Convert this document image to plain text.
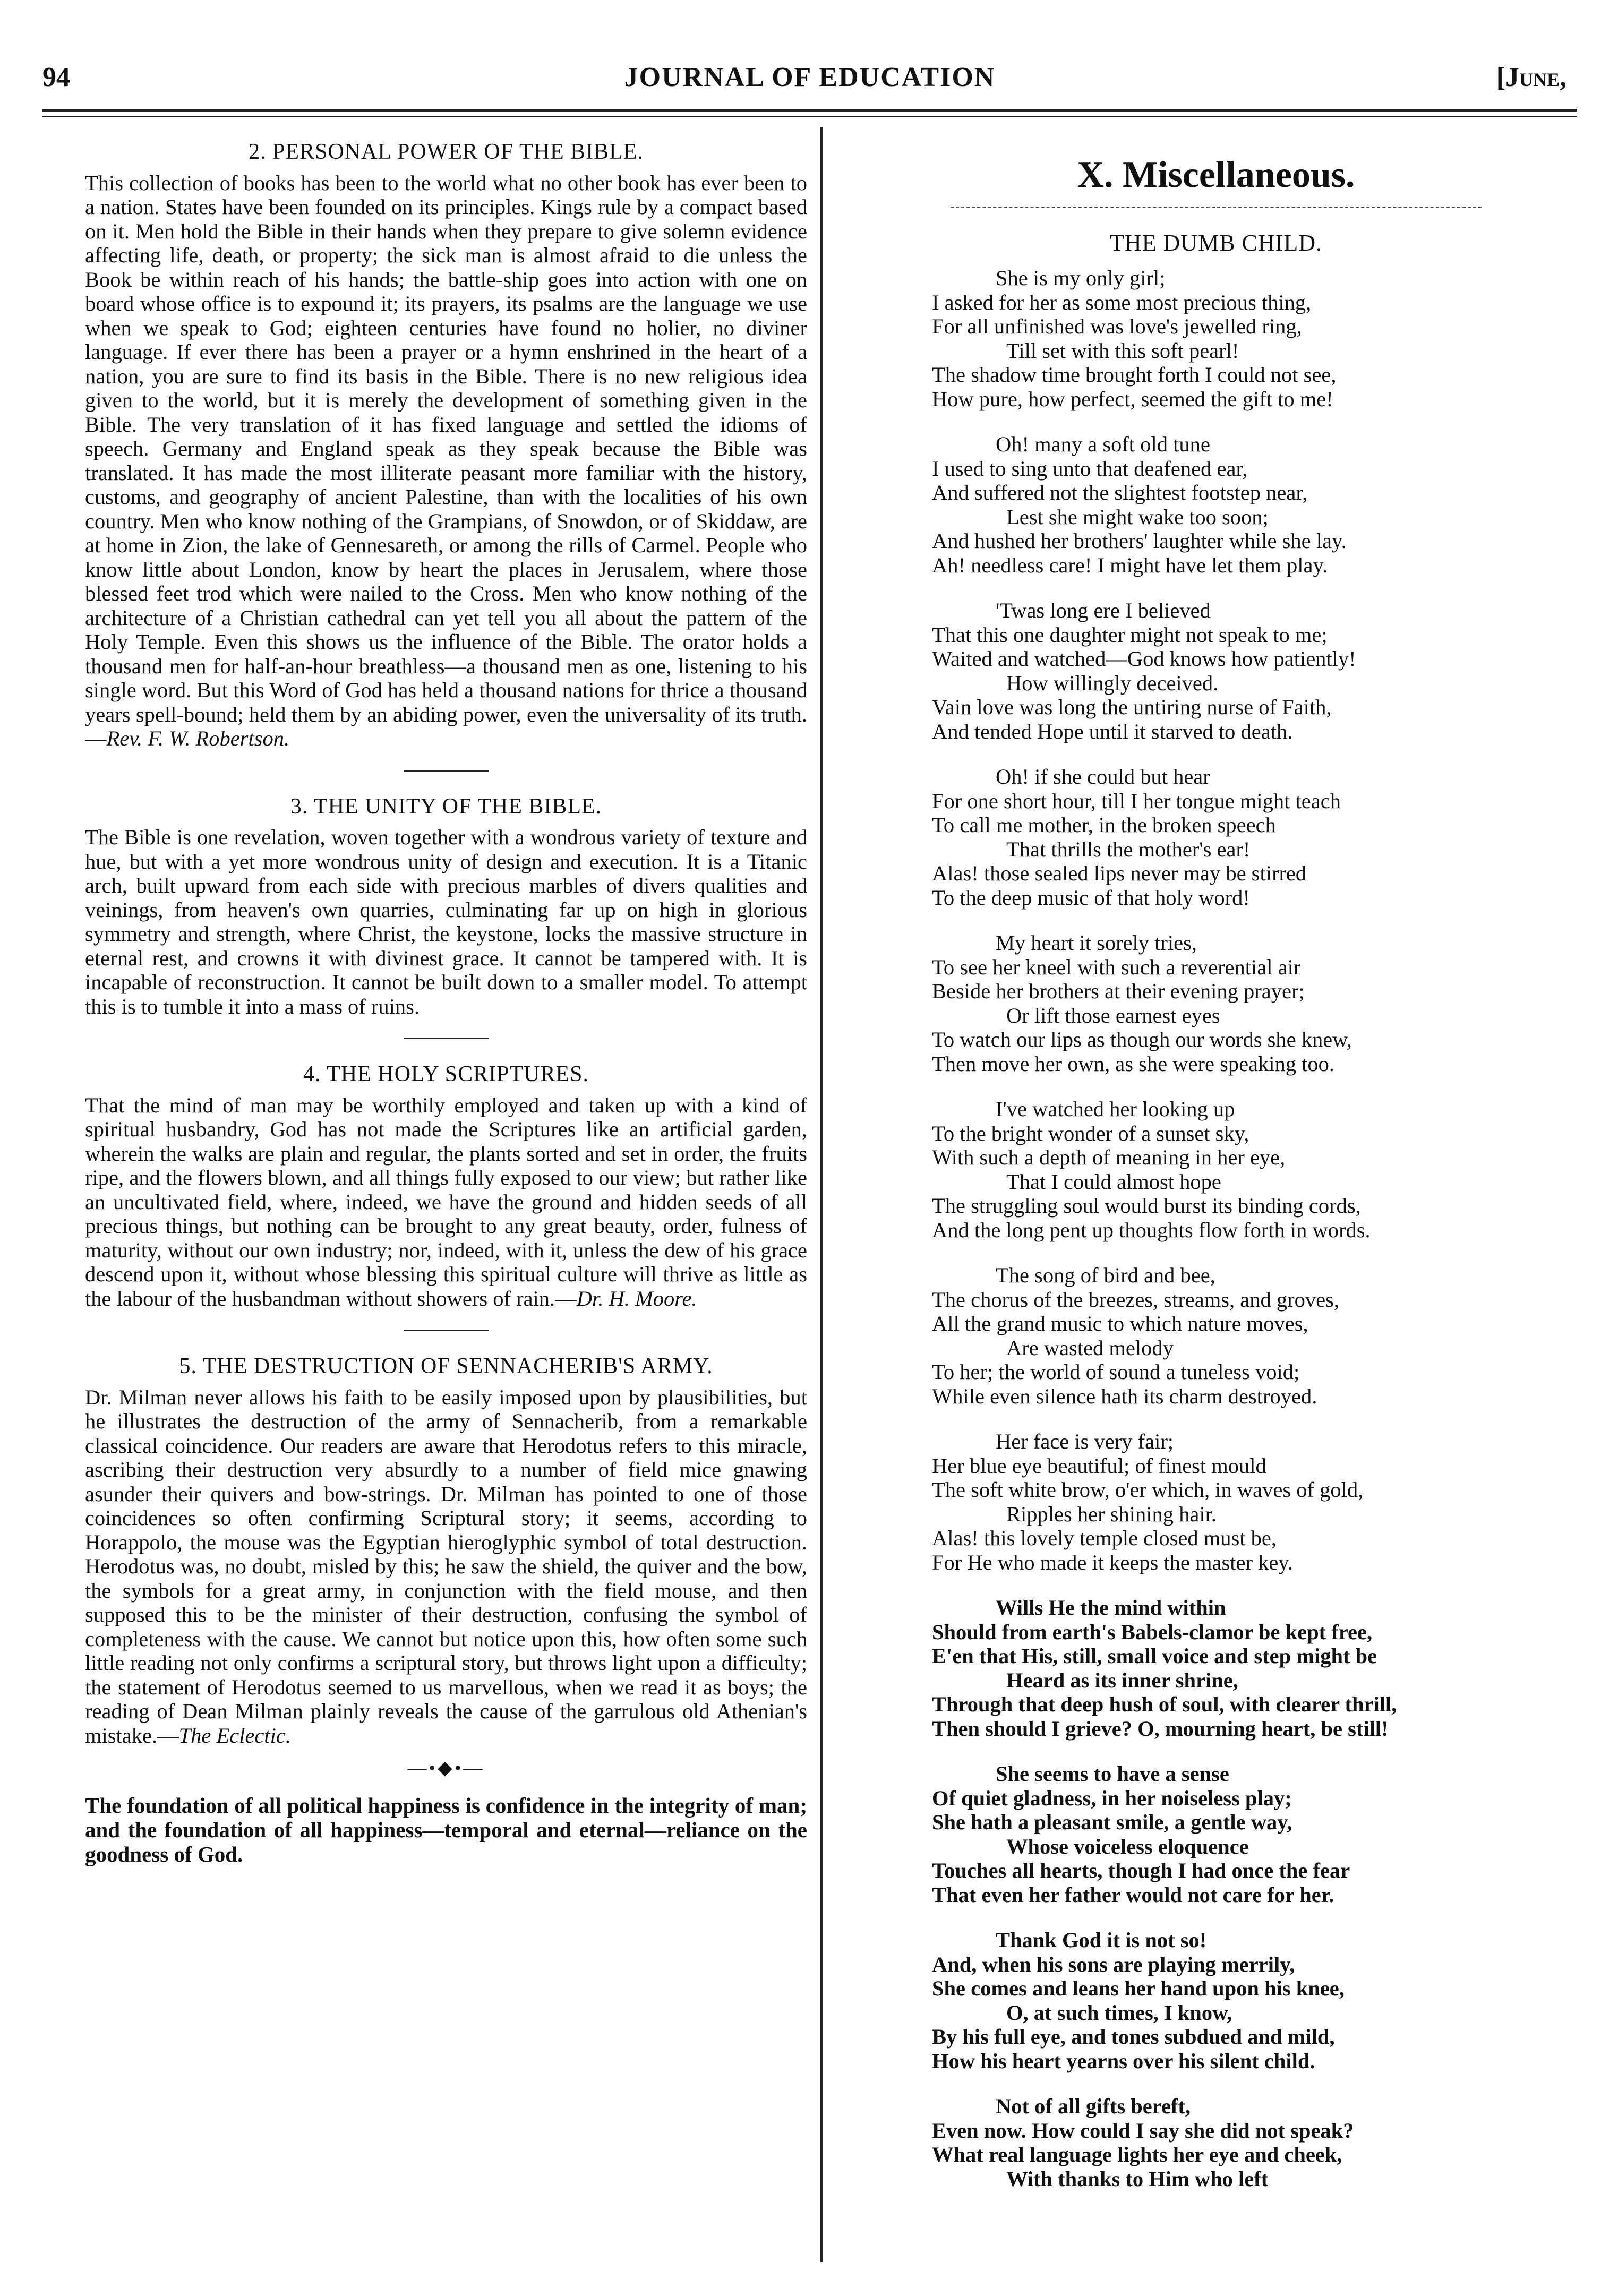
94	JOURNAL OF EDUCATION	[June,
2. PERSONAL POWER OF THE BIBLE.

This collection of books has been to the world what no other book has ever been to a nation. States have been founded on its principles. Kings rule by a compact based on it. Men hold the Bible in their hands when they prepare to give solemn evidence affecting life, death, or property; the sick man is almost afraid to die unless the Book be within reach of his hands; the battle-ship goes into action with one on board whose office is to expound it; its prayers, its psalms are the language we use when we speak to God; eighteen centuries have found no holier, no diviner language. If ever there has been a prayer or a hymn enshrined in the heart of a nation, you are sure to find its basis in the Bible. There is no new religious idea given to the world, but it is merely the development of something given in the Bible. The very translation of it has fixed language and settled the idioms of speech. Germany and England speak as they speak because the Bible was translated. It has made the most illiterate peasant more familiar with the history, customs, and geography of ancient Palestine, than with the localities of his own country. Men who know nothing of the Grampians, of Snowdon, or of Skiddaw, are at home in Zion, the lake of Gennesareth, or among the rills of Carmel. People who know little about London, know by heart the places in Jerusalem, where those blessed feet trod which were nailed to the Cross. Men who know nothing of the architecture of a Christian cathedral can yet tell you all about the pattern of the Holy Temple. Even this shows us the influence of the Bible. The orator holds a thousand men for half-an-hour breathless—a thousand men as one, listening to his single word. But this Word of God has held a thousand nations for thrice a thousand years spell-bound; held them by an abiding power, even the universality of its truth.—Rev. F. W. Robertson.

3. THE UNITY OF THE BIBLE.

The Bible is one revelation, woven together with a wondrous variety of texture and hue, but with a yet more wondrous unity of design and execution. It is a Titanic arch, built upward from each side with precious marbles of divers qualities and veinings, from heaven's own quarries, culminating far up on high in glorious symmetry and strength, where Christ, the keystone, locks the massive structure in eternal rest, and crowns it with divinest grace. It cannot be tampered with. It is incapable of reconstruction. It cannot be built down to a smaller model. To attempt this is to tumble it into a mass of ruins.

4. THE HOLY SCRIPTURES.

That the mind of man may be worthily employed and taken up with a kind of spiritual husbandry, God has not made the Scriptures like an artificial garden, wherein the walks are plain and regular, the plants sorted and set in order, the fruits ripe, and the flowers blown, and all things fully exposed to our view; but rather like an uncultivated field, where, indeed, we have the ground and hidden seeds of all precious things, but nothing can be brought to any great beauty, order, fulness of maturity, without our own industry; nor, indeed, with it, unless the dew of his grace descend upon it, without whose blessing this spiritual culture will thrive as little as the labour of the husbandman without showers of rain.—Dr. H. Moore.

5. THE DESTRUCTION OF SENNACHERIB'S ARMY.

Dr. Milman never allows his faith to be easily imposed upon by plausibilities, but he illustrates the destruction of the army of Sennacherib, from a remarkable classical coincidence. Our readers are aware that Herodotus refers to this miracle, ascribing their destruction very absurdly to a number of field mice gnawing asunder their quivers and bow-strings. Dr. Milman has pointed to one of those coincidences so often confirming Scriptural story; it seems, according to Horappolo, the mouse was the Egyptian hieroglyphic symbol of total destruction. Herodotus was, no doubt, misled by this; he saw the shield, the quiver and the bow, the symbols for a great army, in conjunction with the field mouse, and then supposed this to be the minister of their destruction, confusing the symbol of completeness with the cause. We cannot but notice upon this, how often some such little reading not only confirms a scriptural story, but throws light upon a difficulty; the statement of Herodotus seemed to us marvellous, when we read it as boys; the reading of Dean Milman plainly reveals the cause of the garrulous old Athenian's mistake.—The Eclectic.

—•◆•—

The foundation of all political happiness is confidence in the integrity of man; and the foundation of all happiness—temporal and eternal—reliance on the goodness of God.

X. Miscellaneous.
THE DUMB CHILD.
She is my only girl;
I asked for her as some most precious thing,
For all unfinished was love's jewelled ring,
Till set with this soft pearl!
The shadow time brought forth I could not see,
How pure, how perfect, seemed the gift to me!
Oh! many a soft old tune
I used to sing unto that deafened ear,
And suffered not the slightest footstep near,
Lest she might wake too soon;
And hushed her brothers' laughter while she lay.
Ah! needless care! I might have let them play.
'Twas long ere I believed
That this one daughter might not speak to me;
Waited and watched—God knows how patiently!
How willingly deceived.
Vain love was long the untiring nurse of Faith,
And tended Hope until it starved to death.
Oh! if she could but hear
For one short hour, till I her tongue might teach
To call me mother, in the broken speech
That thrills the mother's ear!
Alas! those sealed lips never may be stirred
To the deep music of that holy word!
My heart it sorely tries,
To see her kneel with such a reverential air
Beside her brothers at their evening prayer;
Or lift those earnest eyes
To watch our lips as though our words she knew,
Then move her own, as she were speaking too.
I've watched her looking up
To the bright wonder of a sunset sky,
With such a depth of meaning in her eye,
That I could almost hope
The struggling soul would burst its binding cords,
And the long pent up thoughts flow forth in words.
The song of bird and bee,
The chorus of the breezes, streams, and groves,
All the grand music to which nature moves,
Are wasted melody
To her; the world of sound a tuneless void;
While even silence hath its charm destroyed.
Her face is very fair;
Her blue eye beautiful; of finest mould
The soft white brow, o'er which, in waves of gold,
Ripples her shining hair.
Alas! this lovely temple closed must be,
For He who made it keeps the master key.
Wills He the mind within
Should from earth's Babels-clamor be kept free,
E'en that His, still, small voice and step might be
Heard as its inner shrine,
Through that deep hush of soul, with clearer thrill,
Then should I grieve? O, mourning heart, be still!
She seems to have a sense
Of quiet gladness, in her noiseless play;
She hath a pleasant smile, a gentle way,
Whose voiceless eloquence
Touches all hearts, though I had once the fear
That even her father would not care for her.
Thank God it is not so!
And, when his sons are playing merrily,
She comes and leans her hand upon his knee,
O, at such times, I know,
By his full eye, and tones subdued and mild,
How his heart yearns over his silent child.
Not of all gifts bereft,
Even now. How could I say she did not speak?
What real language lights her eye and cheek,
With thanks to Him who left
